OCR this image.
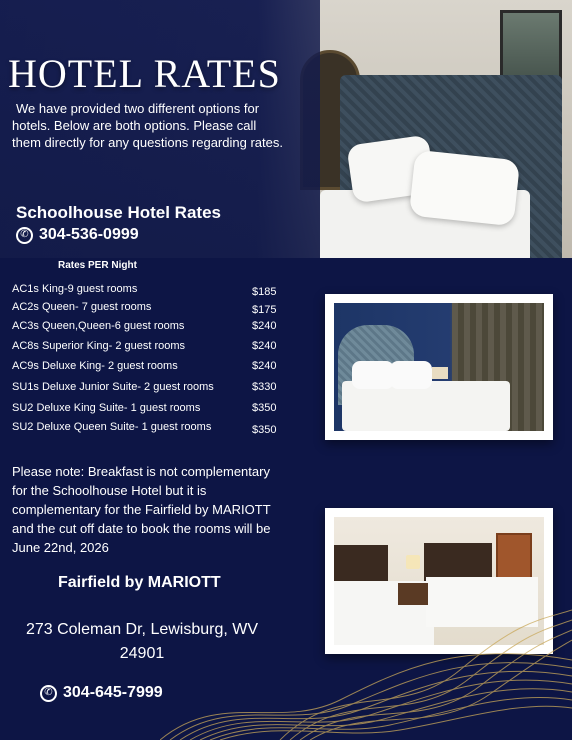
HOTEL RATES
We have provided two different options for
hotels. Below are both options. Please call them directly for any questions regarding rates.
Schoolhouse Hotel Rates
✆ 304-536-0999
Rates PER Night
AC1s King-9 guest rooms	$185
AC2s Queen- 7 guest rooms	$175
AC3s Queen,Queen-6 guest rooms	$240
AC8s Superior King- 2 guest rooms	$240
AC9s Deluxe King- 2 guest rooms	$240
SU1s Deluxe Junior Suite- 2 guest rooms	$330
SU2 Deluxe King Suite- 1 guest rooms	$350
SU2 Deluxe Queen Suite- 1 guest rooms	$350
Please note: Breakfast is not complementary for the Schoolhouse Hotel but it is complementary for the Fairfield by MARIOTT and the cut off date to book the rooms will be June 22nd, 2026
Fairfield by MARIOTT
273 Coleman Dr, Lewisburg, WV 24901
✆ 304-645-7999
